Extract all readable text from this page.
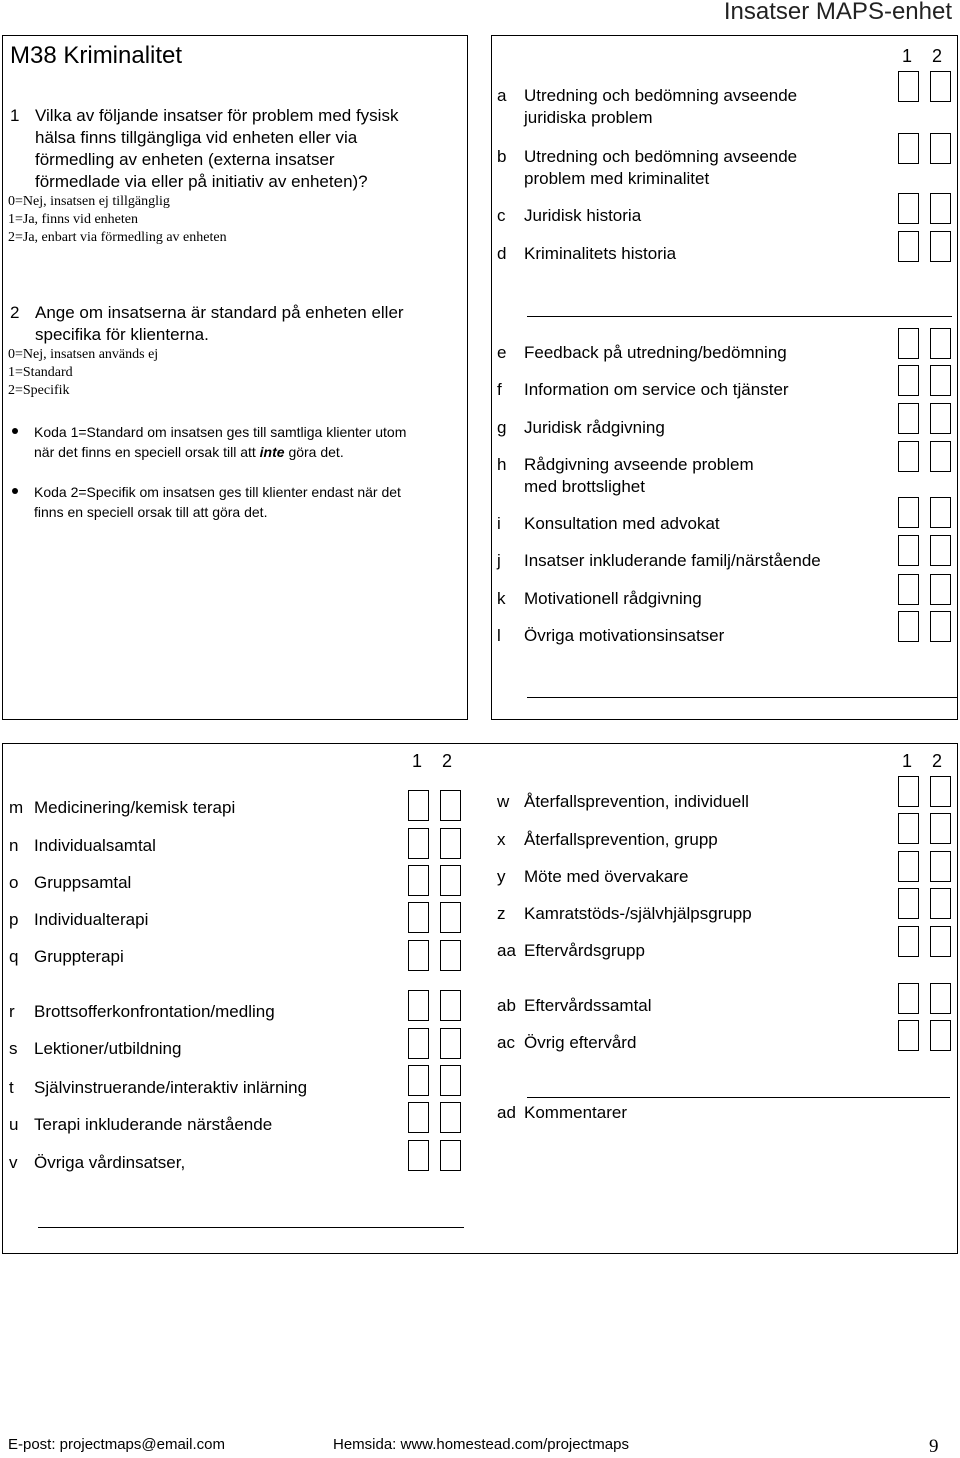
Insatser MAPS-enhet
M38 Kriminalitet
1 Vilka av följande insatser för problem med fysisk
hälsa finns tillgängliga vid enheten eller via
förmedling av enheten (externa insatser
förmedlade via eller på initiativ av enheten)?
0=Nej, insatsen ej tillgänglig
1=Ja, finns vid enheten
2=Ja, enbart via förmedling av enheten
2 Ange om insatserna är standard på enheten eller
specifika för klienterna.
0=Nej, insatsen används ej
1=Standard
2=Specifik
Koda 1=Standard om insatsen ges till samtliga klienter utom
när det finns en speciell orsak till att inte göra det.
Koda 2=Specifik om insatsen ges till klienter endast när det
finns en speciell orsak till att göra det.
1 2
1 2	1 2
a Utredning och bedömning avseende
juridiska problem
b Utredning och bedömning avseende
problem med kriminalitet
c Juridisk historia
d Kriminalitets historia
e Feedback på utredning/bedömning
f Information om service och tjänster
g Juridisk rådgivning
h Rådgivning avseende problem
med brottslighet
i Konsultation med advokat
j Insatser inkluderande familj/närstående
k Motivationell rådgivning
l Övriga motivationsinsatser
m Medicinering/kemisk terapi
n Individualsamtal
o Gruppsamtal
p Individualterapi
q Gruppterapi
r Brottsofferkonfrontation/medling
s Lektioner/utbildning
t Självinstruerande/interaktiv inlärning
u Terapi inkluderande närstående
v Övriga vårdinsatser,
w Återfallsprevention, individuell
x Återfallsprevention, grupp
y Möte med övervakare
z Kamratstöds-/självhjälpsgrupp
aa Eftervårdsgrupp
ab Eftervårdssamtal
ac Övrig eftervård
ad Kommentarer
E-post: projectmaps@email.com	Hemsida: www.homestead.com/projectmaps	9
